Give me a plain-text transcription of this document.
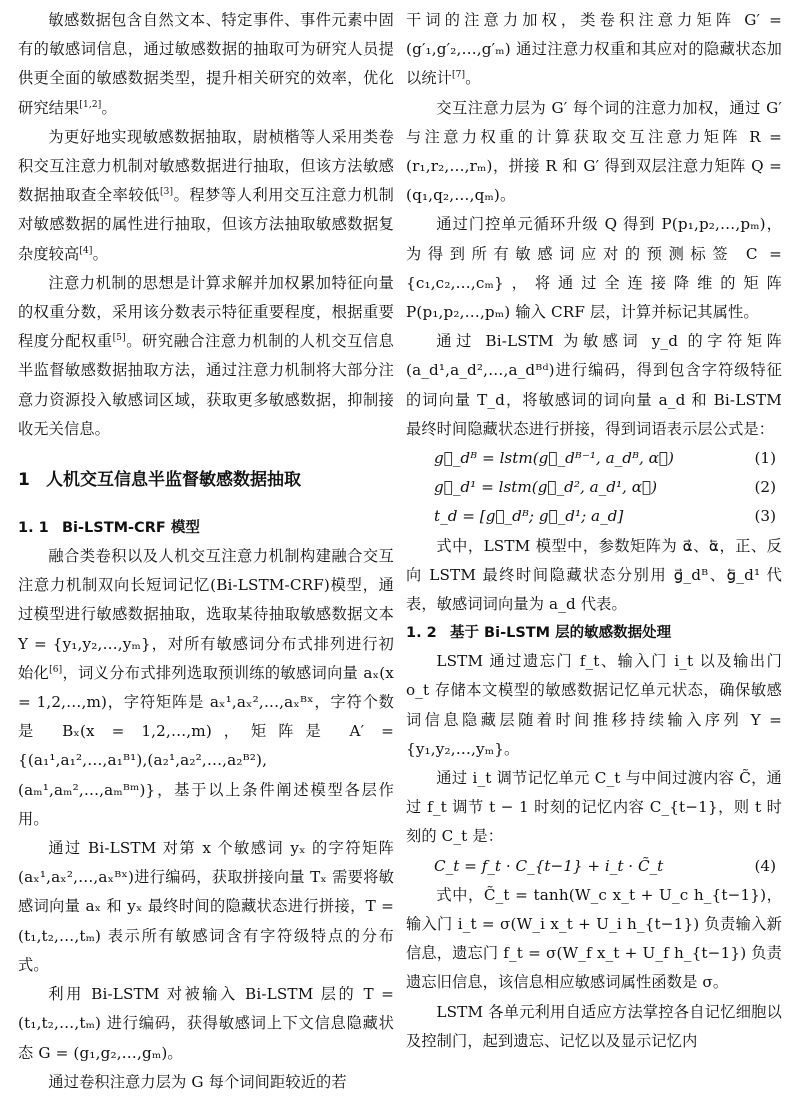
敏感数据包含自然文本、特定事件、事件元素中固有的敏感词信息，通过敏感数据的抽取可为研究人员提供更全面的敏感数据类型，提升相关研究的效率，优化研究结果[1,2]。

为更好地实现敏感数据抽取，尉桢楷等人采用类卷积交互注意力机制对敏感数据进行抽取，但该方法敏感数据抽取查全率较低[3]。程梦等人利用交互注意力机制对敏感数据的属性进行抽取，但该方法抽取敏感数据复杂度较高[4]。

注意力机制的思想是计算求解并加权累加特征向量的权重分数，采用该分数表示特征重要程度，根据重要程度分配权重[5]。研究融合注意力机制的人机交互信息半监督敏感数据抽取方法，通过注意力机制将大部分注意力资源投入敏感词区域，获取更多敏感数据，抑制接收无关信息。

1 人机交互信息半监督敏感数据抽取
1. 1 Bi-LSTM-CRF 模型

融合类卷积以及人机交互注意力机制构建融合交互注意力机制双向长短词记忆(Bi-LSTM-CRF)模型，通过模型进行敏感数据抽取，选取某待抽取敏感数据文本 Y = {y₁,y₂,…,yₘ}，对所有敏感词分布式排列进行初始化[6]，词义分布式排列选取预训练的敏感词向量 aₓ(x = 1,2,…,m)，字符矩阵是 aₓ¹,aₓ²,…,aₓᴮˣ，字符个数是 Bₓ(x = 1,2,…,m)，矩阵是 A′ = {(a₁¹,a₁²,…,a₁ᴮ¹),(a₂¹,a₂²,…,a₂ᴮ²),(aₘ¹,aₘ²,…,aₘᴮᵐ)}，基于以上条件阐述模型各层作用。

通过 Bi-LSTM 对第 x 个敏感词 yₓ 的字符矩阵(aₓ¹,aₓ²,…,aₓᴮˣ)进行编码，获取拼接向量 Tₓ 需要将敏感词向量 aₓ 和 yₓ 最终时间的隐藏状态进行拼接，T = (t₁,t₂,…,tₘ) 表示所有敏感词含有字符级特点的分布式。

利用 Bi-LSTM 对被输入 Bi-LSTM 层的 T = (t₁,t₂,…,tₘ) 进行编码，获得敏感词上下文信息隐藏状态 G = (g₁,g₂,…,gₘ)。

通过卷积注意力层为 G 每个词间距较近的若

干词的注意力加权，类卷积注意力矩阵 G′ = (g′₁,g′₂,…,g′ₘ) 通过注意力权重和其应对的隐藏状态加以统计[7]。

交互注意力层为 G′ 每个词的注意力加权，通过 G′ 与注意力权重的计算获取交互注意力矩阵 R = (r₁,r₂,…,rₘ)，拼接 R 和 G′ 得到双层注意力矩阵 Q = (q₁,q₂,…,qₘ)。

通过门控单元循环升级 Q 得到 P(p₁,p₂,…,pₘ)，为得到所有敏感词应对的预测标签 C = {c₁,c₂,…,cₘ}，将通过全连接降维的矩阵 P(p₁,p₂,…,pₘ) 输入 CRF 层，计算并标记其属性。

通过 Bi-LSTM 为敏感词 y_d 的字符矩阵(a_d¹,a_d²,…,a_dᴮᵈ)进行编码，得到包含字符级特征的词向量 T_d，将敏感词的词向量 a_d 和 Bi-LSTM 最终时间隐藏状态进行拼接，得到词语表示层公式是：

g⃗_dᴮ = lstm(g⃗_dᴮ⁻¹, a_dᴮ, α⃗)	(1)
g⃖_d¹ = lstm(g⃖_d², a_d¹, α⃖)	(2)
t_d = [g⃗_dᴮ; g⃖_d¹; a_d]	(3)

式中，LSTM 模型中，参数矩阵为 α⃗、α⃖，正、反向 LSTM 最终时间隐藏状态分别用 g⃗_dᴮ、g⃖_d¹ 代表，敏感词词向量为 a_d 代表。

1. 2 基于 Bi-LSTM 层的敏感数据处理

LSTM 通过遗忘门 f_t、输入门 i_t 以及输出门 o_t 存储本文模型的敏感数据记忆单元状态，确保敏感词信息隐藏层随着时间推移持续输入序列 Y = {y₁,y₂,…,yₘ}。

通过 i_t 调节记忆单元 C_t 与中间过渡内容 C̃，通过 f_t 调节 t − 1 时刻的记忆内容 C_{t−1}，则 t 时刻的 C_t 是：

C_t = f_t · C_{t−1} + i_t · C̃_t	(4)

式中，C̃_t = tanh(W_c x_t + U_c h_{t−1})，输入门 i_t = σ(W_i x_t + U_i h_{t−1}) 负责输入新信息，遗忘门 f_t = σ(W_f x_t + U_f h_{t−1}) 负责遗忘旧信息，该信息相应敏感词属性函数是 σ。

LSTM 各单元利用自适应方法掌控各自记忆细胞以及控制门，起到遗忘、记忆以及显示记忆内
